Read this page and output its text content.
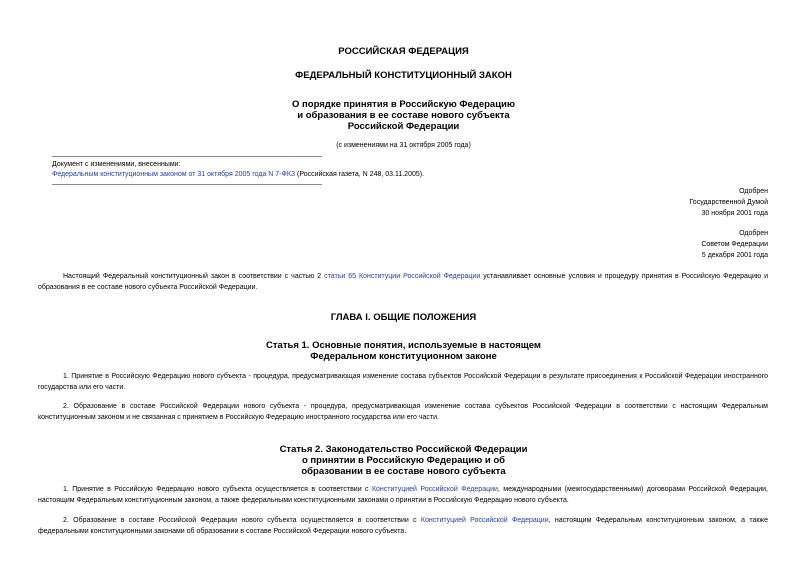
РОССИЙСКАЯ ФЕДЕРАЦИЯ
ФЕДЕРАЛЬНЫЙ КОНСТИТУЦИОННЫЙ ЗАКОН
О порядке принятия в Российскую Федерацию
и образования в ее составе нового субъекта
Российской Федерации
(с изменениями на 31 октября 2005 года)
Документ с изменениями, внесенными:
Федеральным конституционным законом от 31 октября 2005 года N 7-ФКЗ (Российская газета, N 248, 03.11.2005).
Одобрен
Государственной Думой
30 ноября 2001 года
Одобрен
Советом Федерации
5 декабря 2001 года
Настоящий Федеральный конституционный закон в соответствии с частью 2 статьи 65 Конституции Российской Федерации устанавливает основные условия и процедуру принятия в Российскую Федерацию и образования в ее составе нового субъекта Российской Федерации.
ГЛАВА I. ОБЩИЕ ПОЛОЖЕНИЯ
Статья 1. Основные понятия, используемые в настоящем
Федеральном конституционном законе
1. Принятие в Российскую Федерацию нового субъекта - процедура, предусматривающая изменение состава субъектов Российской Федерации в результате присоединения к Российской Федерации иностранного государства или его части.
2. Образование в составе Российской Федерации нового субъекта - процедура, предусматривающая изменение состава субъектов Российской Федерации в соответствии с настоящим Федеральным конституционным законом и не связанная с принятием в Российскую Федерацию иностранного государства или его части.
Статья 2. Законодательство Российской Федерации
о принятии в Российскую Федерацию и об
образовании в ее составе нового субъекта
1. Принятие в Российскую Федерацию нового субъекта осуществляется в соответствии с Конституцией Российской Федерации, международными (межгосударственными) договорами Российской Федерации, настоящим Федеральным конституционным законом, а также федеральными конституционными законами о принятии в Российскую Федерацию нового субъекта.
2. Образование в составе Российской Федерации нового субъекта осуществляется в соответствии с Конституцией Российской Федерации, настоящим Федеральным конституционным законом, а также федеральными конституционными законами об образовании в составе Российской Федерации нового субъекта.
